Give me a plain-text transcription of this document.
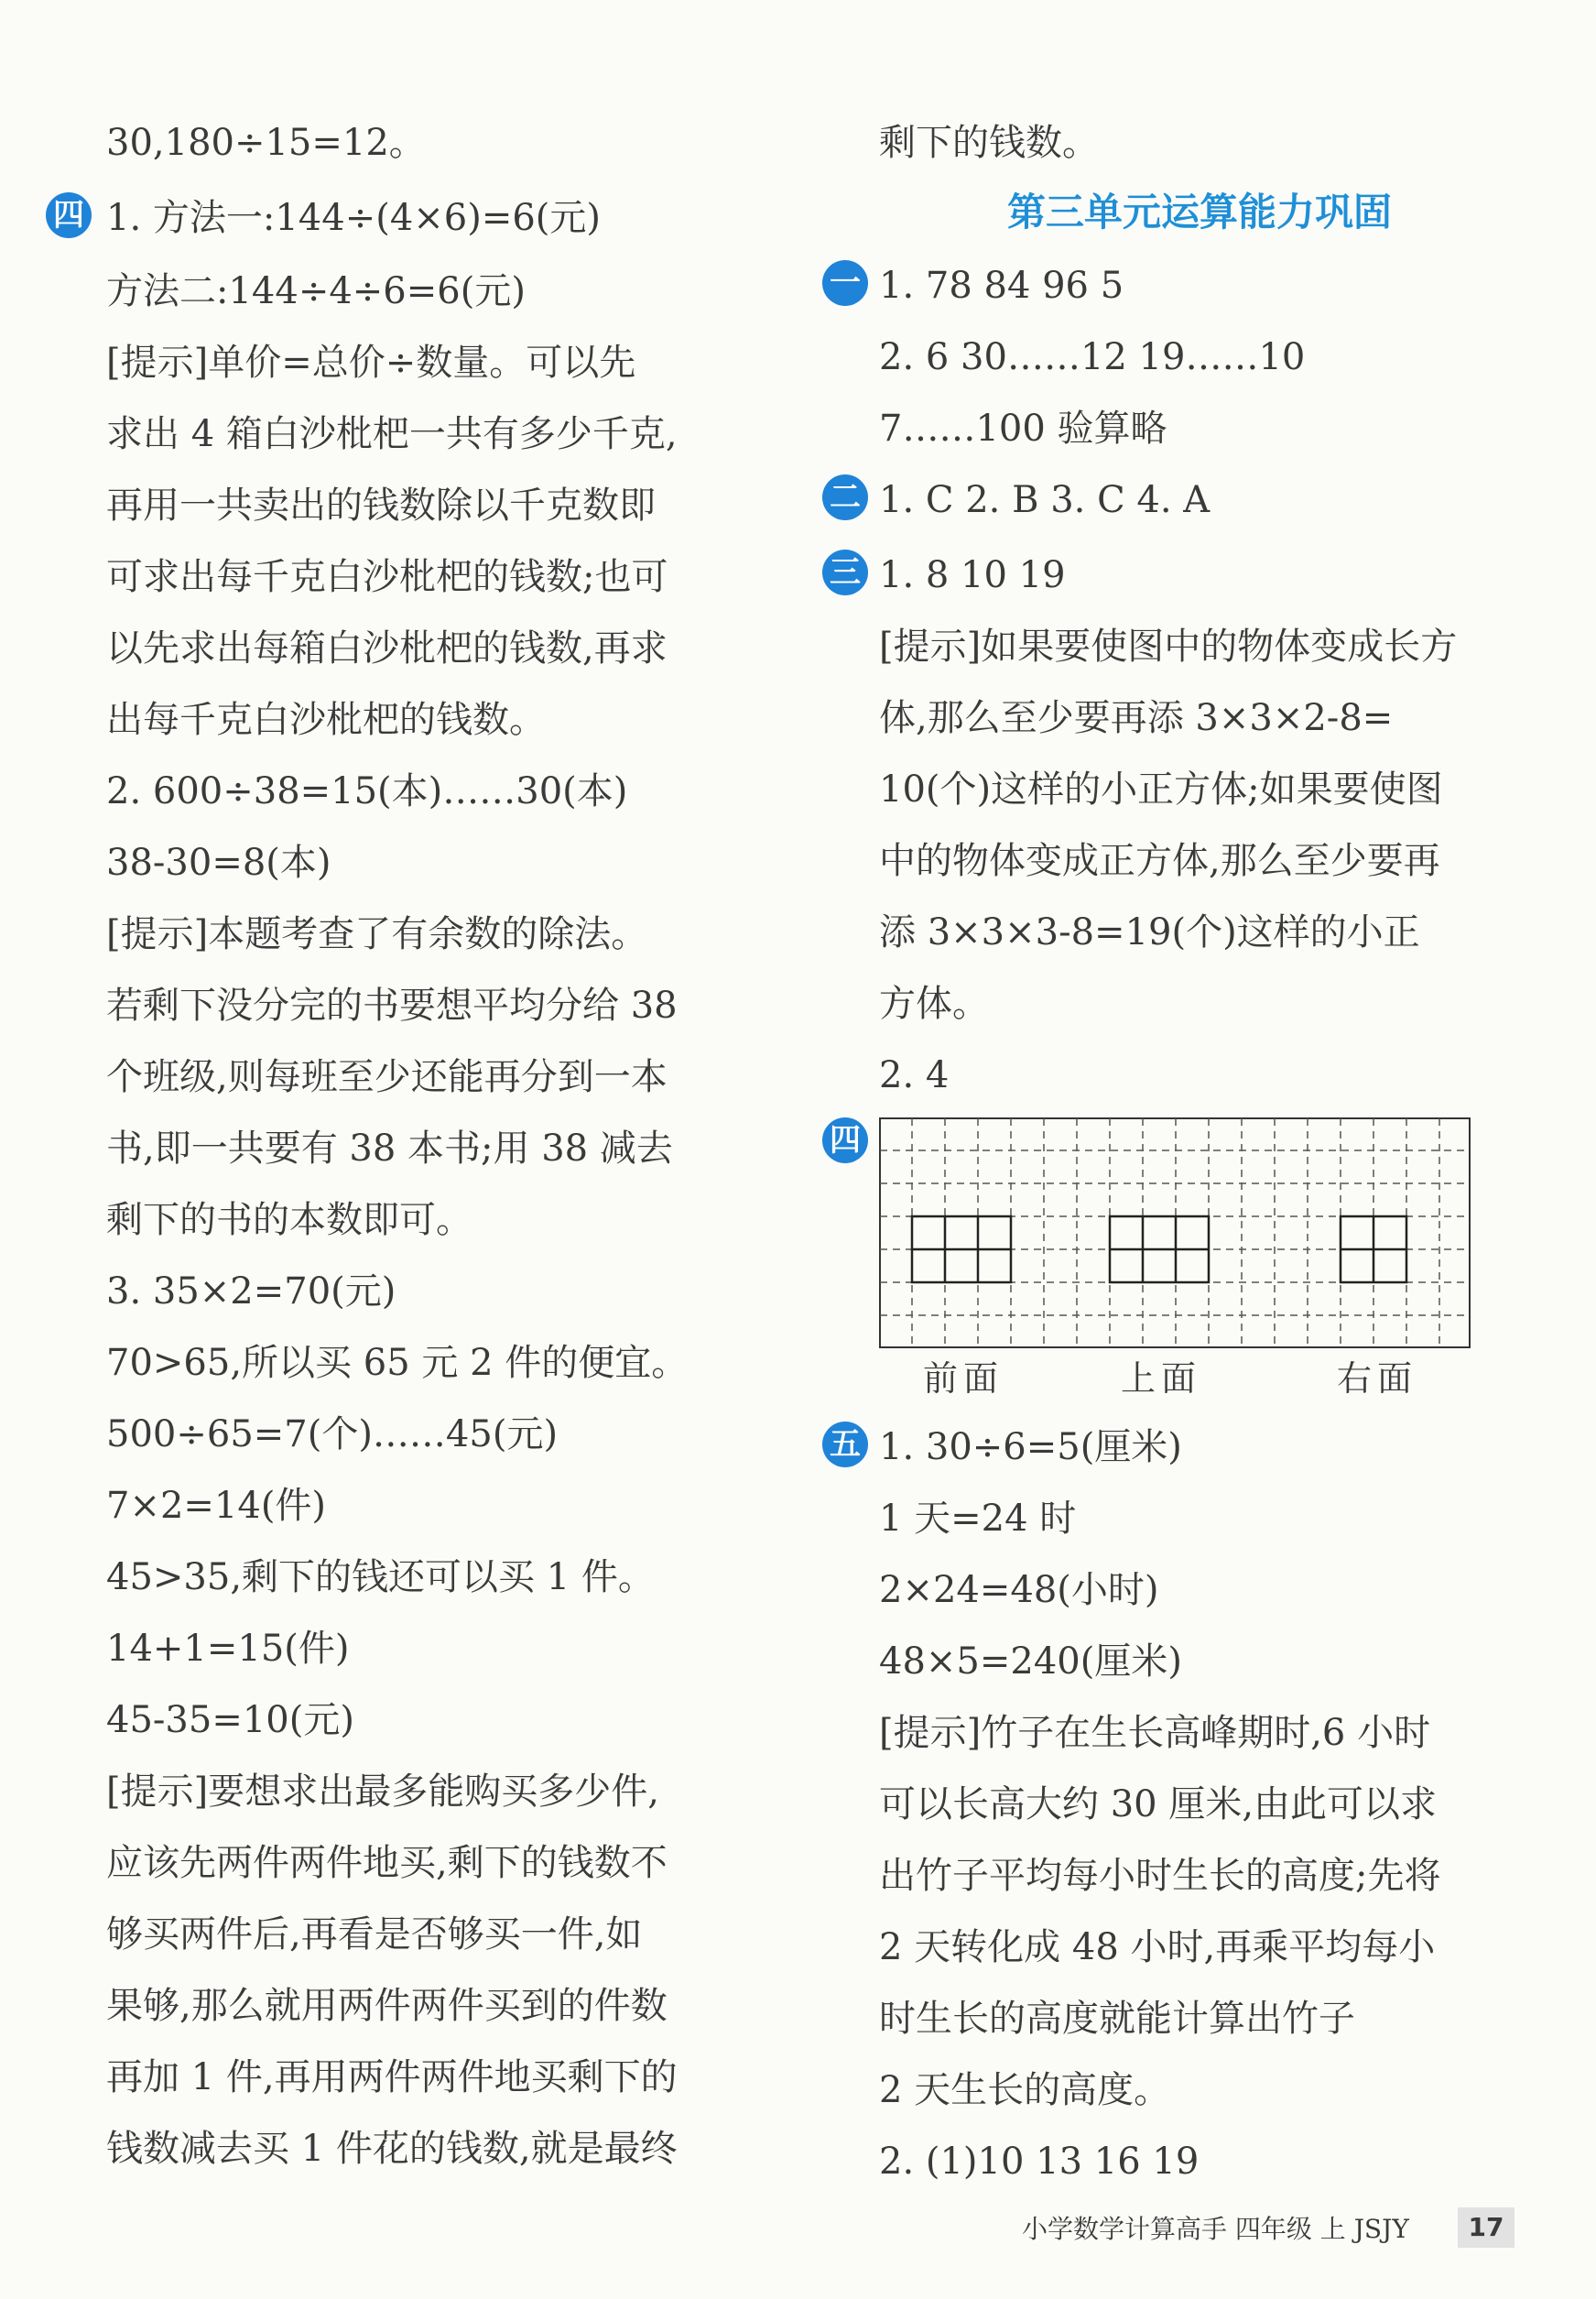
30,180÷15=12。
四 1. 方法一:144÷(4×6)=6(元)
方法二:144÷4÷6=6(元)
[提示]单价=总价÷数量。可以先
求出 4 箱白沙枇杷一共有多少千克,
再用一共卖出的钱数除以千克数即
可求出每千克白沙枇杷的钱数;也可
以先求出每箱白沙枇杷的钱数,再求
出每千克白沙枇杷的钱数。
2. 600÷38=15(本)……30(本)
38-30=8(本)
[提示]本题考查了有余数的除法。
若剩下没分完的书要想平均分给 38
个班级,则每班至少还能再分到一本
书,即一共要有 38 本书;用 38 减去
剩下的书的本数即可。
3. 35×2=70(元)
70>65,所以买 65 元 2 件的便宜。
500÷65=7(个)……45(元)
7×2=14(件)
45>35,剩下的钱还可以买 1 件。
14+1=15(件)
45-35=10(元)
[提示]要想求出最多能购买多少件,
应该先两件两件地买,剩下的钱数不
够买两件后,再看是否够买一件,如
果够,那么就用两件两件买到的件数
再加 1 件,再用两件两件地买剩下的
钱数减去买 1 件花的钱数,就是最终
剩下的钱数。
第三单元运算能力巩固
一 1. 78 84 96 5
2. 6 30……12 19……10
7……100 验算略
二 1. C 2. B 3. C 4. A
三 1. 8 10 19
[提示]如果要使图中的物体变成长方
体,那么至少要再添 3×3×2-8=
10(个)这样的小正方体;如果要使图
中的物体变成正方体,那么至少要再
添 3×3×3-8=19(个)这样的小正
方体。
2. 4
四
前面	上面	右面
五 1. 30÷6=5(厘米)
1 天=24 时
2×24=48(小时)
48×5=240(厘米)
[提示]竹子在生长高峰期时,6 小时
可以长高大约 30 厘米,由此可以求
出竹子平均每小时生长的高度;先将
2 天转化成 48 小时,再乘平均每小
时生长的高度就能计算出竹子
2 天生长的高度。
2. (1)10 13 16 19
小学数学计算高手 四年级 上 JSJY	17
